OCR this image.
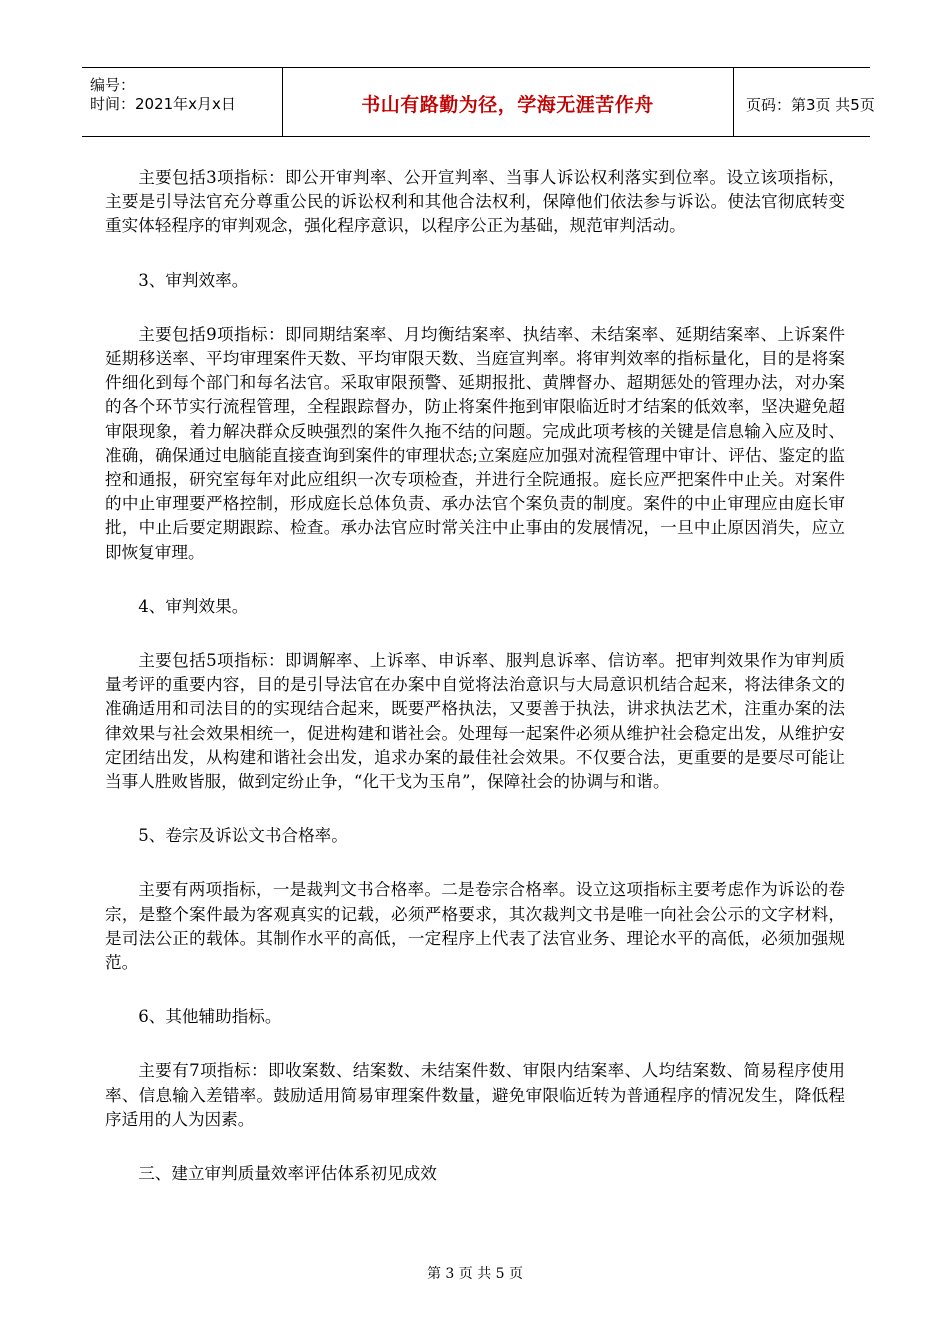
编号：
时间：2021年x月x日	书山有路勤为径，学海无涯苦作舟	页码：第3页 共5页

主要包括3项指标：即公开审判率、公开宣判率、当事人诉讼权利落实到位率。设立该项指标，主要是引导法官充分尊重公民的诉讼权利和其他合法权利，保障他们依法参与诉讼。使法官彻底转变重实体轻程序的审判观念，强化程序意识，以程序公正为基础，规范审判活动。

3、审判效率。

主要包括9项指标：即同期结案率、月均衡结案率、执结率、未结案率、延期结案率、上诉案件延期移送率、平均审理案件天数、平均审限天数、当庭宣判率。将审判效率的指标量化，目的是将案件细化到每个部门和每名法官。采取审限预警、延期报批、黄牌督办、超期惩处的管理办法，对办案的各个环节实行流程管理，全程跟踪督办，防止将案件拖到审限临近时才结案的低效率，坚决避免超审限现象，着力解决群众反映强烈的案件久拖不结的问题。完成此项考核的关键是信息输入应及时、准确，确保通过电脑能直接查询到案件的审理状态;立案庭应加强对流程管理中审计、评估、鉴定的监控和通报，研究室每年对此应组织一次专项检查，并进行全院通报。庭长应严把案件中止关。对案件的中止审理要严格控制，形成庭长总体负责、承办法官个案负责的制度。案件的中止审理应由庭长审批，中止后要定期跟踪、检查。承办法官应时常关注中止事由的发展情况，一旦中止原因消失，应立即恢复审理。

4、审判效果。

主要包括5项指标：即调解率、上诉率、申诉率、服判息诉率、信访率。把审判效果作为审判质量考评的重要内容，目的是引导法官在办案中自觉将法治意识与大局意识机结合起来，将法律条文的准确适用和司法目的的实现结合起来，既要严格执法，又要善于执法，讲求执法艺术，注重办案的法律效果与社会效果相统一，促进构建和谐社会。处理每一起案件必须从维护社会稳定出发，从维护安定团结出发，从构建和谐社会出发，追求办案的最佳社会效果。不仅要合法，更重要的是要尽可能让当事人胜败皆服，做到定纷止争，“化干戈为玉帛”，保障社会的协调与和谐。

5、卷宗及诉讼文书合格率。

主要有两项指标，一是裁判文书合格率。二是卷宗合格率。设立这项指标主要考虑作为诉讼的卷宗，是整个案件最为客观真实的记载，必须严格要求，其次裁判文书是唯一向社会公示的文字材料，是司法公正的载体。其制作水平的高低，一定程序上代表了法官业务、理论水平的高低，必须加强规范。

6、其他辅助指标。

主要有7项指标：即收案数、结案数、未结案件数、审限内结案率、人均结案数、简易程序使用率、信息输入差错率。鼓励适用简易审理案件数量，避免审限临近转为普通程序的情况发生，降低程序适用的人为因素。

三、建立审判质量效率评估体系初见成效

第 3 页 共 5 页
